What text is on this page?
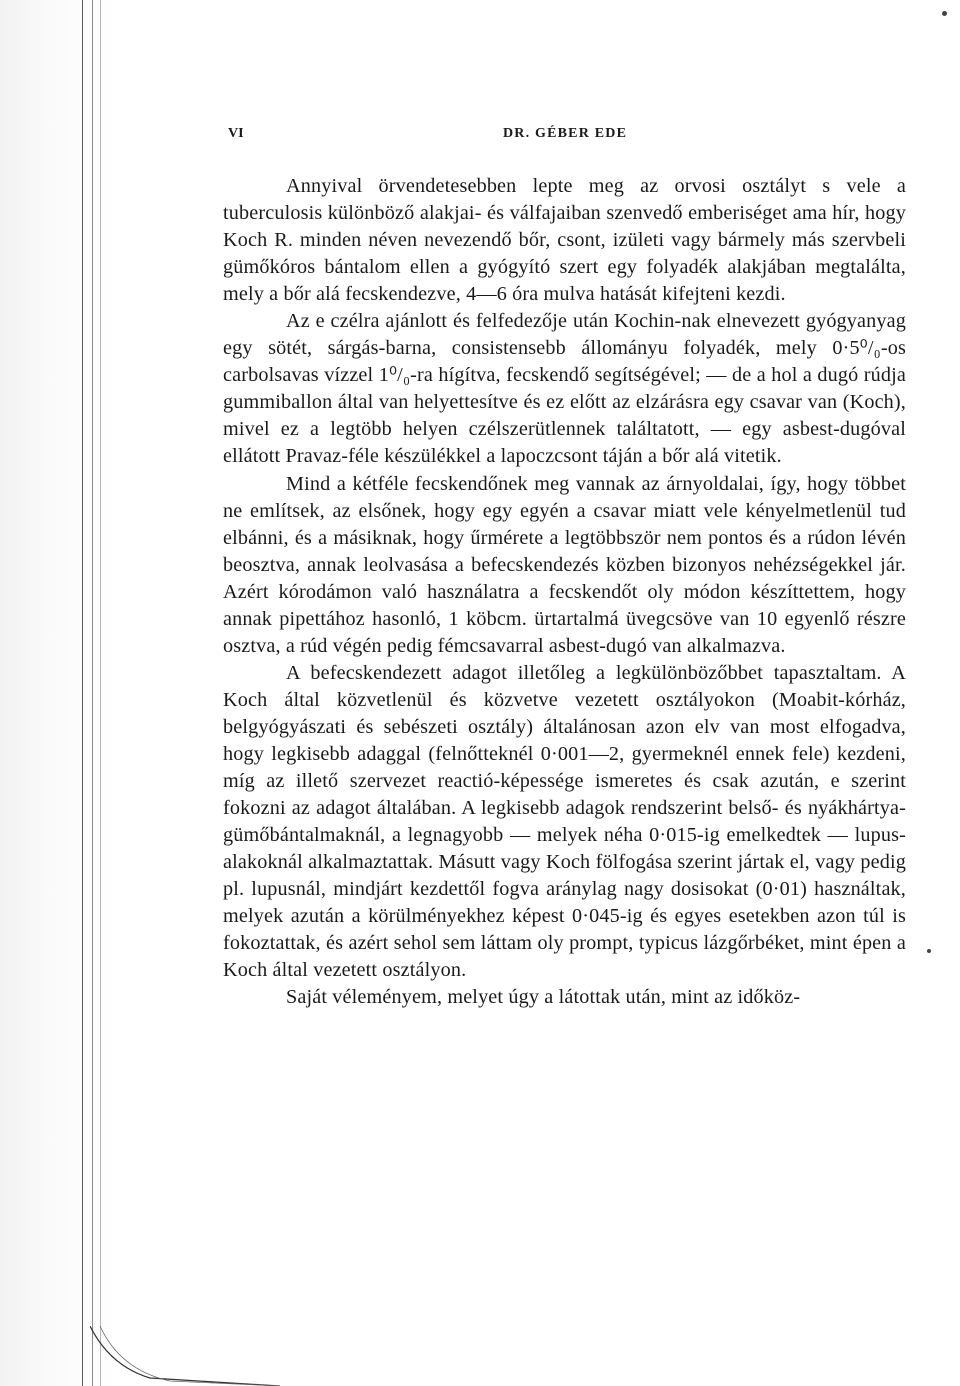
VI	DR. GÉBER EDE

Annyival örvendetesebben lepte meg az orvosi osztályt s vele a tuberculosis különböző alakjai- és válfajaiban szenvedő emberiséget ama hír, hogy Koch R. minden néven nevezendő bőr, csont, izületi vagy bármely más szervbeli gümőkóros bántalom ellen a gyógyító szert egy folyadék alakjában megtalálta, mely a bőr alá fecskendezve, 4—6 óra mulva hatását kifejteni kezdi.

Az e czélra ajánlott és felfedezője után Kochin-nak elnevezett gyógyanyag egy sötét, sárgás-barna, consistensebb állományu folyadék, mely 0·5⁰/₀-os carbolsavas vízzel 1⁰/₀-ra hígítva, fecskendő segítségével; — de a hol a dugó rúdja gummiballon által van helyettesítve és ez előtt az elzárásra egy csavar van (Koch), mivel ez a legtöbb helyen czélszerütlennek találtatott, — egy asbest-dugóval ellátott Pravaz-féle készülékkel a lapoczcsont táján a bőr alá vitetik.

Mind a kétféle fecskendőnek meg vannak az árnyoldalai, így, hogy többet ne említsek, az elsőnek, hogy egy egyén a csavar miatt vele kényelmetlenül tud elbánni, és a másiknak, hogy űrmérete a legtöbbször nem pontos és a rúdon lévén beosztva, annak leolvasása a befecskendezés közben bizonyos nehézségekkel jár. Azért kórodámon való használatra a fecskendőt oly módon készíttettem, hogy annak pipettához hasonló, 1 köbcm. ürtartalmá üvegcsöve van 10 egyenlő részre osztva, a rúd végén pedig fémcsavarral asbest-dugó van alkalmazva.

A befecskendezett adagot illetőleg a legkülönbözőbbet tapasztaltam. A Koch által közvetlenül és közvetve vezetett osztályokon (Moabit-kórház, belgyógyászati és sebészeti osztály) általánosan azon elv van most elfogadva, hogy legkisebb adaggal (felnőtteknél 0·001—2, gyermeknél ennek fele) kezdeni, míg az illető szervezet reactió-képessége ismeretes és csak azután, e szerint fokozni az adagot általában. A legkisebb adagok rendszerint belső- és nyákhártya-gümőbántalmaknál, a legnagyobb — melyek néha 0·015-ig emelkedtek — lupus-alakoknál alkalmaztattak. Másutt vagy Koch fölfogása szerint jártak el, vagy pedig pl. lupusnál, mindjárt kezdettől fogva aránylag nagy dosisokat (0·01) használtak, melyek azután a körülményekhez képest 0·045-ig és egyes esetekben azon túl is fokoztattak, és azért sehol sem láttam oly prompt, typicus lázgőrbéket, mint épen a Koch által vezetett osztályon.

Saját véleményem, melyet úgy a látottak után, mint az időköz-
